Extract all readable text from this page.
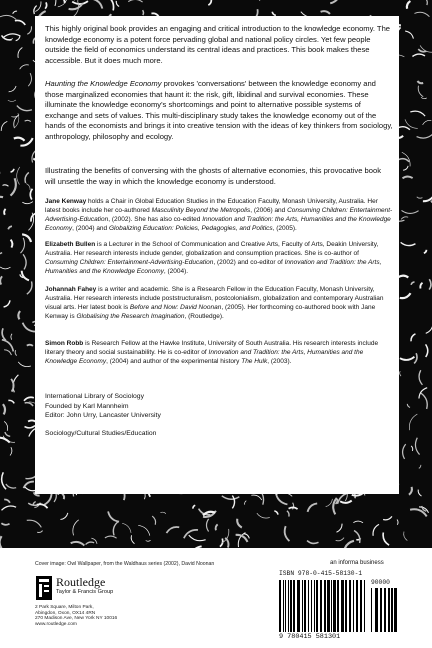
This highly original book provides an engaging and critical introduction to the knowledge economy. The knowledge economy is a potent force pervading global and national policy circles. Yet few people outside the field of economics understand its central ideas and practices. This book makes these accessible. But it does much more.

Haunting the Knowledge Economy provokes 'conversations' between the knowledge economy and those marginalized economies that haunt it: the risk, gift, libidinal and survival economies. These illuminate the knowledge economy's shortcomings and point to alternative possible systems of exchange and sets of values. This multi-disciplinary study takes the knowledge economy out of the hands of the economists and brings it into creative tension with the ideas of key thinkers from sociology, anthropology, philosophy and ecology.

Illustrating the benefits of conversing with the ghosts of alternative economies, this provocative book will unsettle the way in which the knowledge economy is understood.

Jane Kenway holds a Chair in Global Education Studies in the Education Faculty, Monash University, Australia. Her latest books include her co-authored Masculinity Beyond the Metropolis, (2006) and Consuming Children: Entertainment-Advertising-Education, (2002). She has also co-edited Innovation and Tradition: the Arts, Humanities and the Knowledge Economy, (2004) and Globalizing Education: Policies, Pedagogies, and Politics, (2005).

Elizabeth Bullen is a Lecturer in the School of Communication and Creative Arts, Faculty of Arts, Deakin University, Australia. Her research interests include gender, globalization and consumption practices. She is co-author of Consuming Children: Entertainment-Advertising-Education, (2002) and co-editor of Innovation and Tradition: the Arts, Humanities and the Knowledge Economy, (2004).

Johannah Fahey is a writer and academic. She is a Research Fellow in the Education Faculty, Monash University, Australia. Her research interests include poststructuralism, postcolonialism, globalization and contemporary Australian visual arts. Her latest book is Before and Now: David Noonan, (2005). Her forthcoming co-authored book with Jane Kenway is Globalising the Research Imagination, (Routledge).

Simon Robb is Research Fellow at the Hawke Institute, University of South Australia. His research interests include literary theory and social sustainability. He is co-editor of Innovation and Tradition: the Arts, Humanities and the Knowledge Economy, (2004) and author of the experimental history The Hulk, (2003).

International Library of Sociology

Founded by Karl Mannheim

Editor: John Urry, Lancaster University

Sociology/Cultural Studies/Education

Cover image: Owl Wallpaper, from the Waldhaus series (2002), David Noonan
Routledge
Taylor & Francis Group
2 Park Square, Milton Park,
Abingdon, Oxon, OX14 4RN
270 Madison Ave, New York NY 10016
www.routledge.com
an informa business
ISBN 978-0-415-58130-1
90000
9 780415 581301
